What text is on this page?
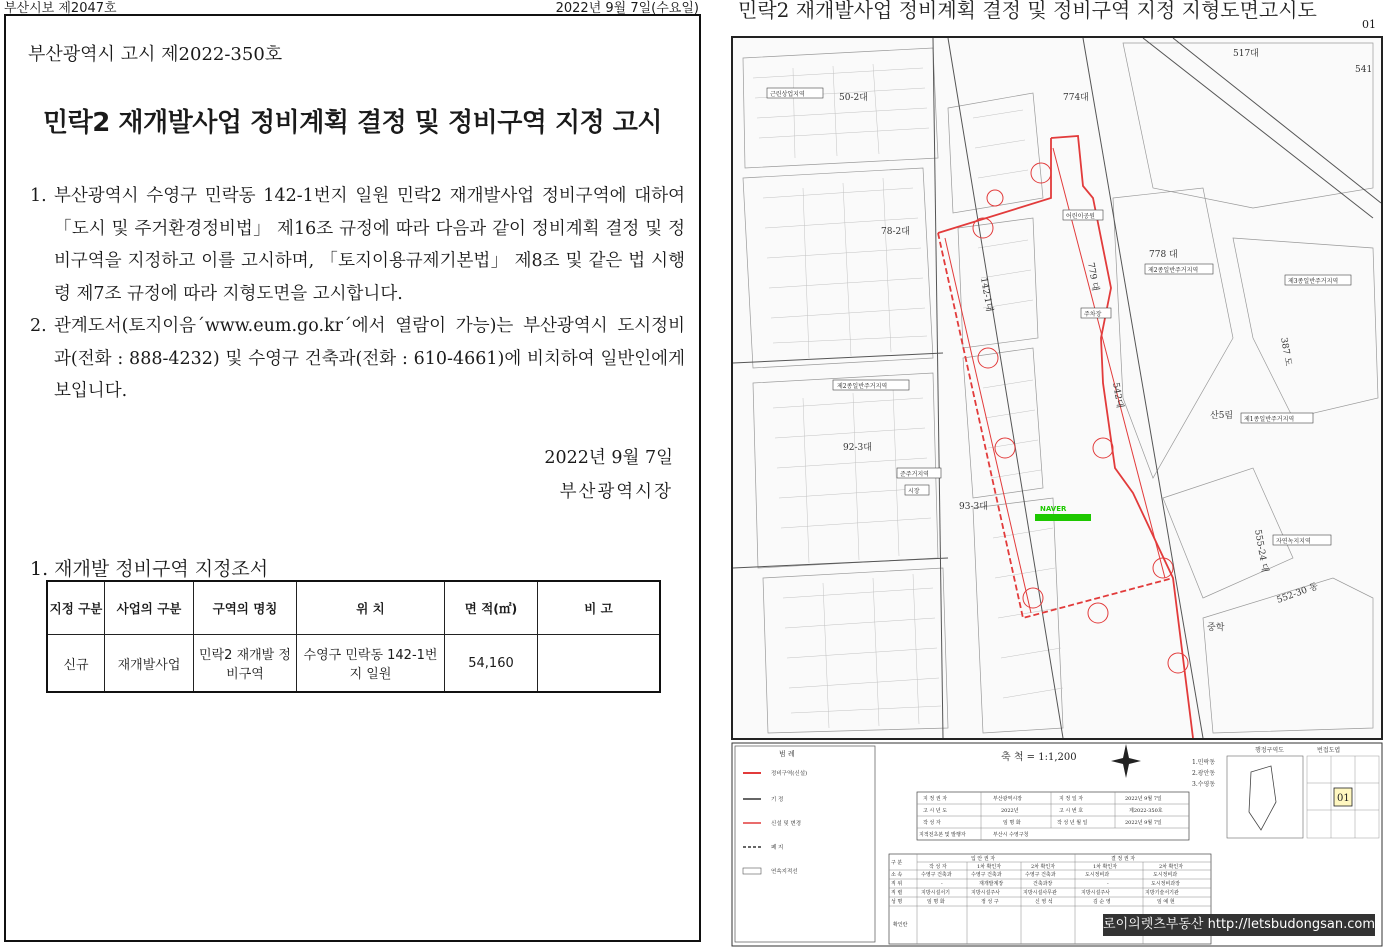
부산시보 제2047호	2022년 9월 7일(수요일)
부산광역시 고시 제2022-350호
민락2 재개발사업 정비계획 결정 및 정비구역 지정 고시
1. 부산광역시 수영구 민락동 142-1번지 일원 민락2 재개발사업 정비구역에 대하여 「도시 및 주거환경정비법」 제16조 규정에 따라 다음과 같이 정비계획 결정 및 정비구역을 지정하고 이를 고시하며, 「토지이용규제기본법」 제8조 및 같은 법 시행령 제7조 규정에 따라 지형도면을 고시합니다.
2. 관계도서(토지이음´www.eum.go.kr´에서 열람이 가능)는 부산광역시 도시정비과(전화 : 888-4232) 및 수영구 건축과(전화 : 610-4661)에 비치하여 일반인에게 보입니다.
2022년 9월 7일
부산광역시장
1. 재개발 정비구역 지정조서
지정 구분	사업의 구분	구역의 명칭	위 치	면 적(㎡)	비 고
신규	재개발사업	민락2 재개발 정비구역	수영구 민락동 142-1번지 일원	54,160	
민락2 재개발사업 정비계획 결정 및 정비구역 지정 지형도면고시도
01
774대
778 대
779 대
517대
541
142-1대
93-3대
92-3대
78-2대
50-2대
542대
552-30 동
555-24 대
387 도
산5림
중학
제2종일반주거지역
제2종일반주거지역
제3종일반주거지역
제1종일반주거지역
자연녹지지역
근린상업지역
준주거지역
어린이공원
주차장
시장
NAVER
범 례
정비구역(신설)
기 정
신설 및 변경
폐 지
연속지적선
축 척 = 1:1,200	1.민락동
2.광안동
3.수영동
행정구역도	번접도엽
01
지 정 권 자	부산광역시장	지 정 일 자	2022년 9월 7일
고 시 년 도	2022년	고 시 번 호	제2022-350호
작 성 자	임 명 화	작 성 년 월 일	2022년 9월 7일
지적전초본 및 발행자	부산시 수영구청
구 분
입 안 권 자	결 정 권 자
작 성 자	1차 확인자	2차 확인자	1차 확인자	2차 확인자
소 속	수영구 건축과	수영구 건축과	수영구 건축과	도시정비과	도시정비과
직 위	-	재개발계장	건축과장	-	도시정비과장
직 렬	지방시설서기	지방시설주사	지방시설사무관	지방시설주사	지방기술서기관
성 명	임 명 화	정 성 구	신 영 석	김 순 영	임 예 현
확인란	로이의렛츠부동산 http://letsbudongsan.com
